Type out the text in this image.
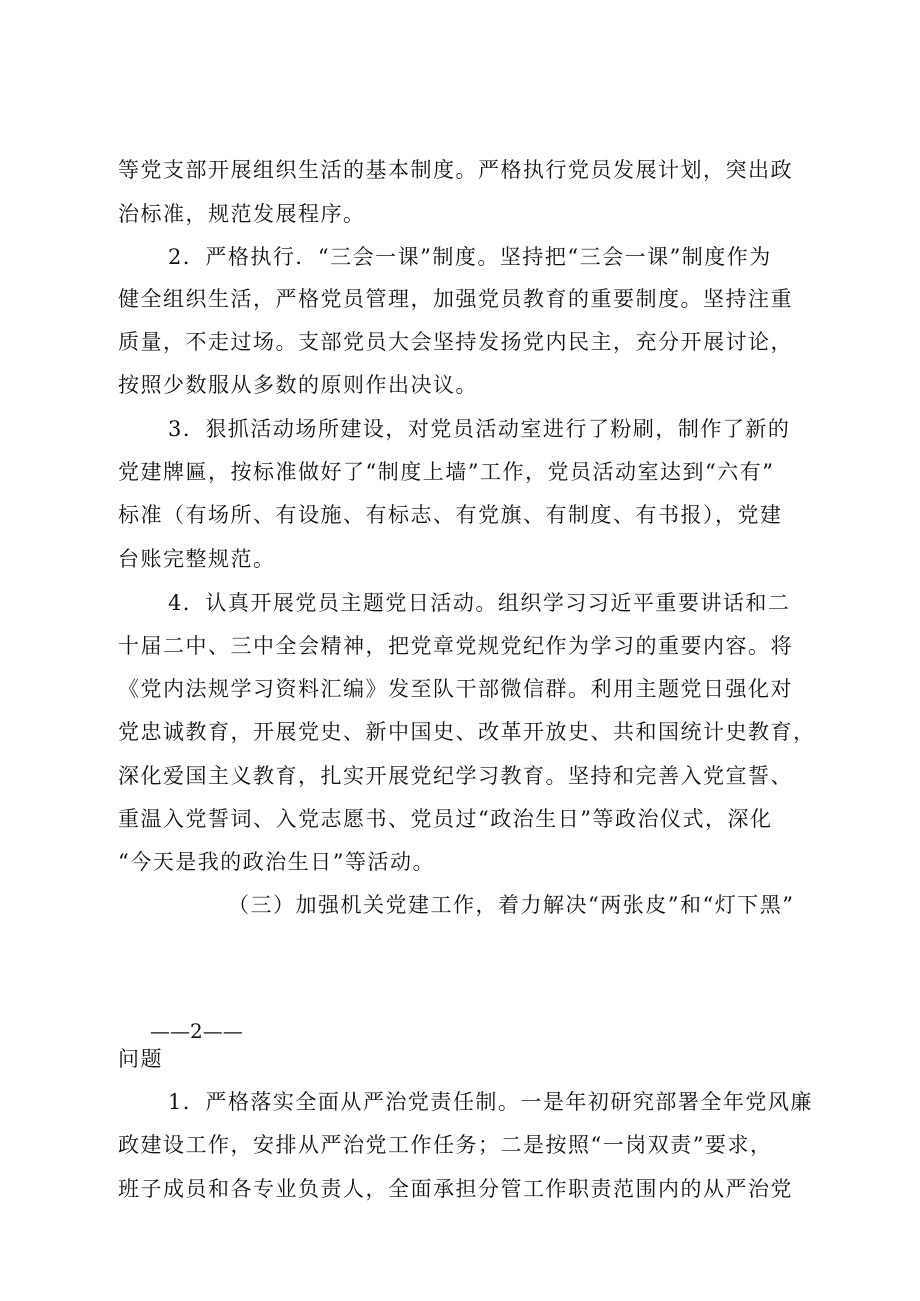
等党支部开展组织生活的基本制度。严格执行党员发展计划，突出政
治标准，规范发展程序。
2．严格执行．“三会一课”制度。坚持把“三会一课”制度作为
健全组织生活，严格党员管理，加强党员教育的重要制度。坚持注重
质量，不走过场。支部党员大会坚持发扬党内民主，充分开展讨论，
按照少数服从多数的原则作出决议。
3．狠抓活动场所建设，对党员活动室进行了粉刷，制作了新的
党建牌匾，按标准做好了“制度上墙”工作，党员活动室达到“六有”
标准（有场所、有设施、有标志、有党旗、有制度、有书报），党建
台账完整规范。
4．认真开展党员主题党日活动。组织学习习近平重要讲话和二
十届二中、三中全会精神，把党章党规党纪作为学习的重要内容。将
《党内法规学习资料汇编》发至队干部微信群。利用主题党日强化对
党忠诚教育，开展党史、新中国史、改革开放史、共和国统计史教育，
深化爱国主义教育，扎实开展党纪学习教育。坚持和完善入党宣誓、
重温入党誓词、入党志愿书、党员过“政治生日”等政治仪式，深化
“今天是我的政治生日”等活动。
（三）加强机关党建工作，着力解决“两张皮”和“灯下黑”
——2——
问题
1．严格落实全面从严治党责任制。一是年初研究部署全年党风廉
政建设工作，安排从严治党工作任务；二是按照“一岗双责”要求，
班子成员和各专业负责人，全面承担分管工作职责范围内的从严治党
